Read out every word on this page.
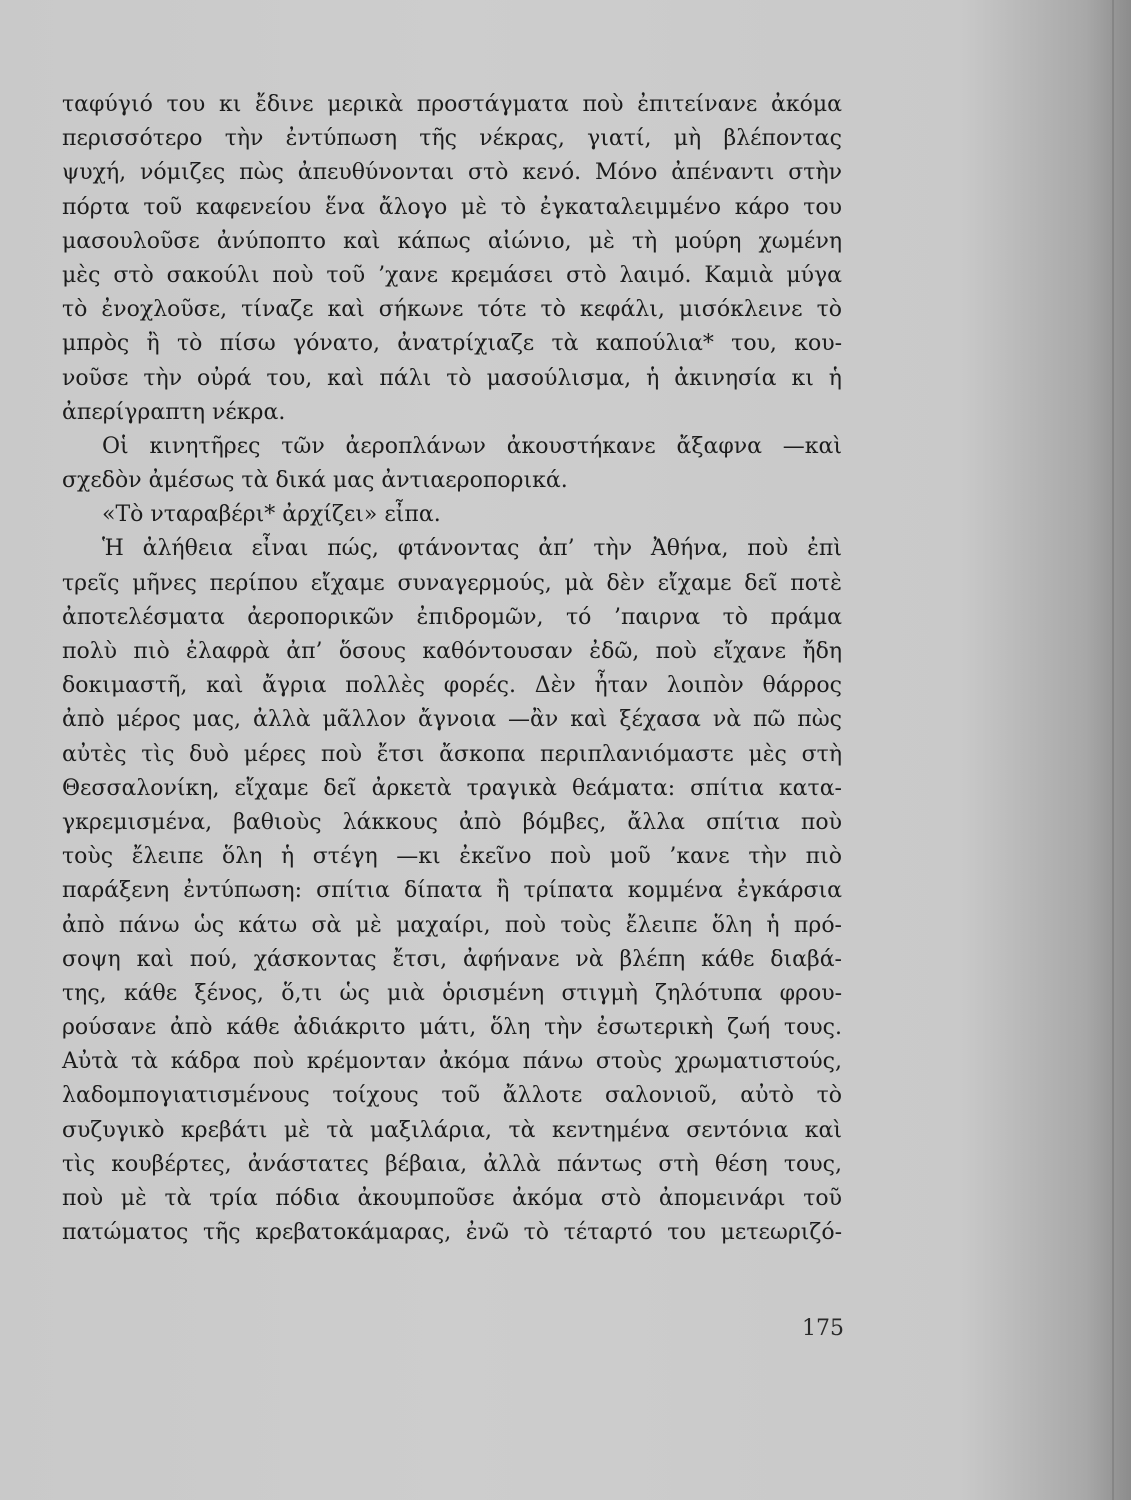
ταφύγιό του κι ἔδινε μερικὰ προστάγματα ποὺ ἐπιτείνανε ἀκόμα
περισσότερο τὴν ἐντύπωση τῆς νέκρας, γιατί, μὴ βλέποντας
ψυχή, νόμιζες πὼς ἀπευθύνονται στὸ κενό. Μόνο ἀπέναντι στὴν
πόρτα τοῦ καφενείου ἕνα ἄλογο μὲ τὸ ἐγκαταλειμμένο κάρο του
μασουλοῦσε ἀνύποπτο καὶ κάπως αἰώνιο, μὲ τὴ μούρη χωμένη
μὲς στὸ σακούλι ποὺ τοῦ ’χανε κρεμάσει στὸ λαιμό. Καμιὰ μύγα
τὸ ἐνοχλοῦσε, τίναζε καὶ σήκωνε τότε τὸ κεφάλι, μισόκλεινε τὸ
μπρὸς ἢ τὸ πίσω γόνατο, ἀνατρίχιαζε τὰ καπούλια* του, κου-
νοῦσε τὴν οὐρά του, καὶ πάλι τὸ μασούλισμα, ἡ ἀκινησία κι ἡ
ἀπερίγραπτη νέκρα.
Οἱ κινητῆρες τῶν ἀεροπλάνων ἀκουστήκανε ἄξαφνα —καὶ
σχεδὸν ἀμέσως τὰ δικά μας ἀντιαεροπορικά.
«Τὸ νταραβέρι* ἀρχίζει» εἶπα.
Ἡ ἀλήθεια εἶναι πώς, φτάνοντας ἀπ’ τὴν Ἀθήνα, ποὺ ἐπὶ
τρεῖς μῆνες περίπου εἴχαμε συναγερμούς, μὰ δὲν εἴχαμε δεῖ ποτὲ
ἀποτελέσματα ἀεροπορικῶν ἐπιδρομῶν, τό ’παιρνα τὸ πράμα
πολὺ πιὸ ἐλαφρὰ ἀπ’ ὅσους καθόντουσαν ἐδῶ, ποὺ εἴχανε ἤδη
δοκιμαστῆ, καὶ ἄγρια πολλὲς φορές. Δὲν ἦταν λοιπὸν θάρρος
ἀπὸ μέρος μας, ἀλλὰ μᾶλλον ἄγνοια —ἂν καὶ ξέχασα νὰ πῶ πὼς
αὐτὲς τὶς δυὸ μέρες ποὺ ἔτσι ἄσκοπα περιπλανιόμαστε μὲς στὴ
Θεσσαλονίκη, εἴχαμε δεῖ ἀρκετὰ τραγικὰ θεάματα: σπίτια κατα-
γκρεμισμένα, βαθιοὺς λάκκους ἀπὸ βόμβες, ἄλλα σπίτια ποὺ
τοὺς ἔλειπε ὅλη ἡ στέγη —κι ἐκεῖνο ποὺ μοῦ ’κανε τὴν πιὸ
παράξενη ἐντύπωση: σπίτια δίπατα ἢ τρίπατα κομμένα ἐγκάρσια
ἀπὸ πάνω ὡς κάτω σὰ μὲ μαχαίρι, ποὺ τοὺς ἔλειπε ὅλη ἡ πρό-
σοψη καὶ πού, χάσκοντας ἔτσι, ἀφήνανε νὰ βλέπη κάθε διαβά-
της, κάθε ξένος, ὅ,τι ὡς μιὰ ὁρισμένη στιγμὴ ζηλότυπα φρου-
ρούσανε ἀπὸ κάθε ἀδιάκριτο μάτι, ὅλη τὴν ἐσωτερικὴ ζωή τους.
Αὐτὰ τὰ κάδρα ποὺ κρέμονταν ἀκόμα πάνω στοὺς χρωματιστούς,
λαδομπογιατισμένους τοίχους τοῦ ἄλλοτε σαλονιοῦ, αὐτὸ τὸ
συζυγικὸ κρεβάτι μὲ τὰ μαξιλάρια, τὰ κεντημένα σεντόνια καὶ
τὶς κουβέρτες, ἀνάστατες βέβαια, ἀλλὰ πάντως στὴ θέση τους,
ποὺ μὲ τὰ τρία πόδια ἀκουμποῦσε ἀκόμα στὸ ἀπομεινάρι τοῦ
πατώματος τῆς κρεβατοκάμαρας, ἐνῶ τὸ τέταρτό του μετεωριζό-
175
